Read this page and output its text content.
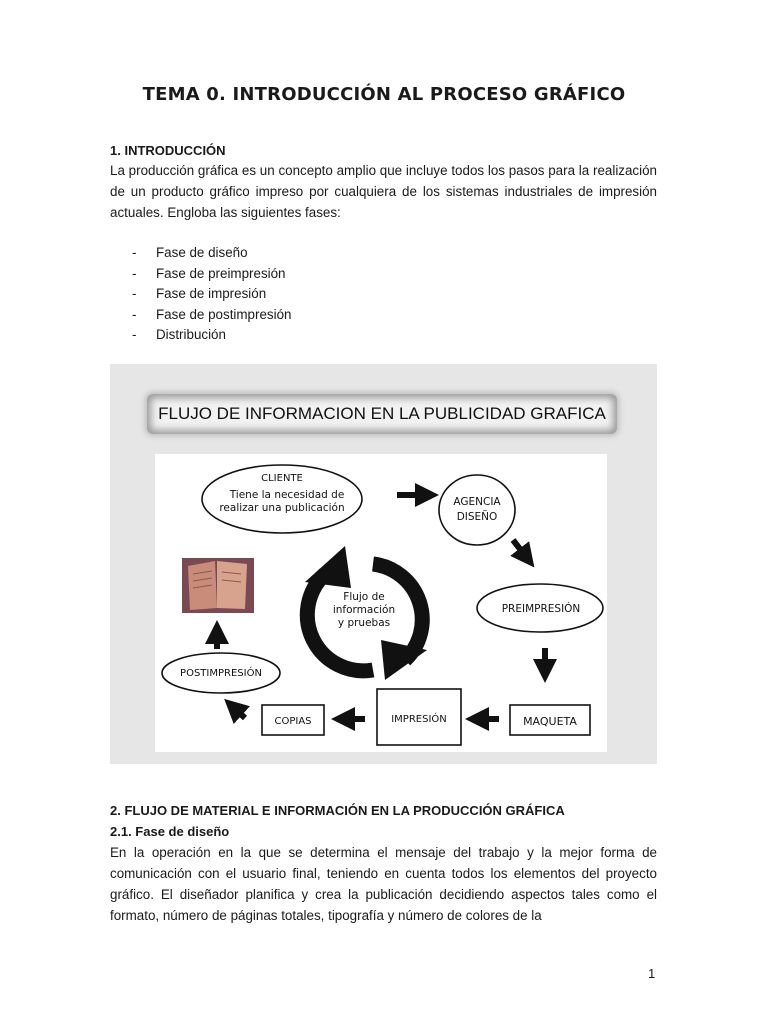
TEMA 0. INTRODUCCIÓN AL PROCESO GRÁFICO
1. INTRODUCCIÓN
La producción gráfica es un concepto amplio que incluye todos los pasos para la realización de un producto gráfico impreso por cualquiera de los sistemas industriales de impresión actuales. Engloba las siguientes fases:
- Fase de diseño
- Fase de preimpresión
- Fase de impresión
- Fase de postimpresión
- Distribución
FLUJO DE INFORMACION EN LA PUBLICIDAD GRAFICA
CLIENTE
Tiene la necesidad de
realizar una publicación	AGENCIA
DISEÑO
PREIMPRESIÓN
MAQUETA
IMPRESIÓN
COPIAS
POSTIMPRESIÓN
Flujo de
información
y pruebas
2. FLUJO DE MATERIAL E INFORMACIÓN EN LA PRODUCCIÓN GRÁFICA
2.1. Fase de diseño
En la operación en la que se determina el mensaje del trabajo y la mejor forma de comunicación con el usuario final, teniendo en cuenta todos los elementos del proyecto gráfico. El diseñador planifica y crea la publicación decidiendo aspectos tales como el formato, número de páginas totales, tipografía y número de colores de la
1
